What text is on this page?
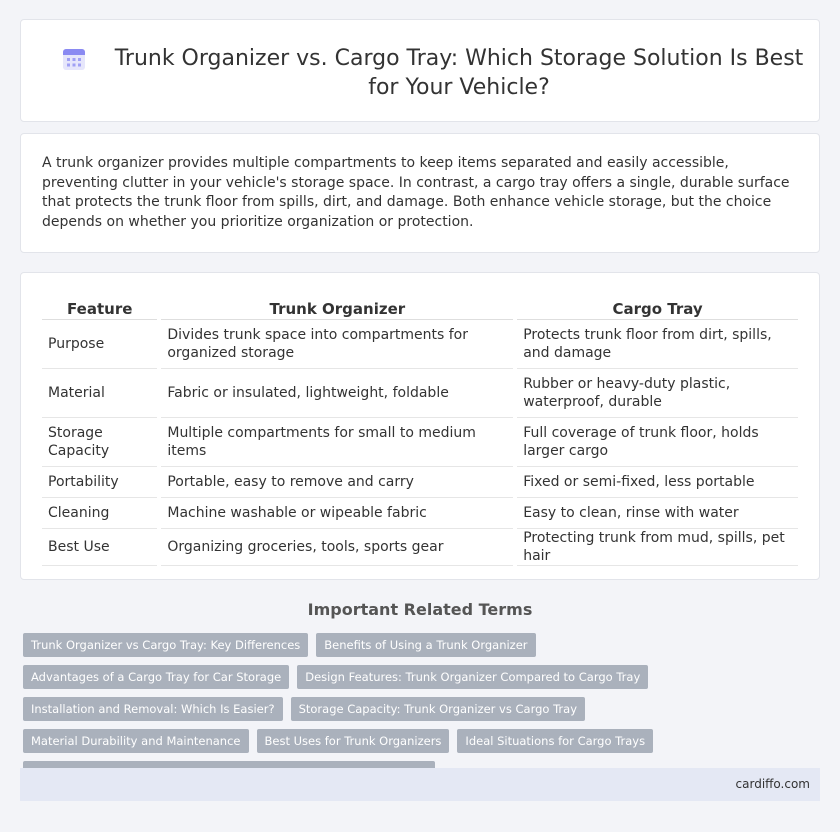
Trunk Organizer vs. Cargo Tray: Which Storage Solution Is Best for Your Vehicle?

A trunk organizer provides multiple compartments to keep items separated and easily accessible, preventing clutter in your vehicle's storage space. In contrast, a cargo tray offers a single, durable surface that protects the trunk floor from spills, dirt, and damage. Both enhance vehicle storage, but the choice depends on whether you prioritize organization or protection.

Feature		Trunk Organizer		Cargo Tray
Purpose		Divides trunk space into compartments for organized storage		Protects trunk floor from dirt, spills, and damage
Material		Fabric or insulated, lightweight, foldable		Rubber or heavy-duty plastic, waterproof, durable
Storage Capacity		Multiple compartments for small to medium items		Full coverage of trunk floor, holds larger cargo
Portability		Portable, easy to remove and carry		Fixed or semi-fixed, less portable
Cleaning		Machine washable or wipeable fabric		Easy to clean, rinse with water
Best Use		Organizing groceries, tools, sports gear		Protecting trunk from mud, spills, pet hair
Important Related Terms
Trunk Organizer vs Cargo Tray: Key Differences	Benefits of Using a Trunk Organizer
Advantages of a Cargo Tray for Car Storage	Design Features: Trunk Organizer Compared to Cargo Tray
Installation and Removal: Which Is Easier?	Storage Capacity: Trunk Organizer vs Cargo Tray
Material Durability and Maintenance	Best Uses for Trunk Organizers	Ideal Situations for Cargo Trays
cardiffo.com
